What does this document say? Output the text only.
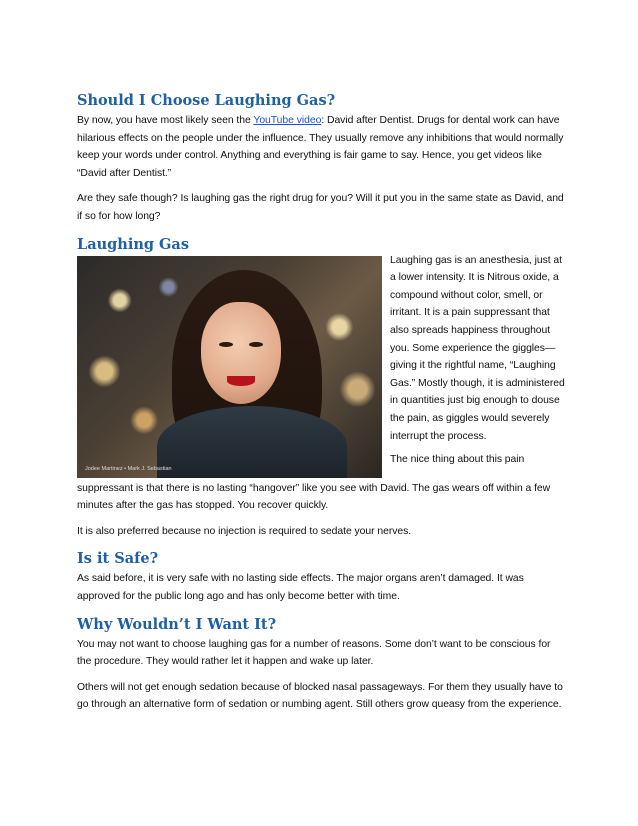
Should I Choose Laughing Gas?

By now, you have most likely seen the YouTube video: David after Dentist. Drugs for dental work can have hilarious effects on the people under the influence. They usually remove any inhibitions that would normally keep your words under control. Anything and everything is fair game to say. Hence, you get videos like “David after Dentist.”

Are they safe though? Is laughing gas the right drug for you? Will it put you in the same state as David, and if so for how long?

Laughing Gas
Jodee Martinez • Mark J. Sebastian

Laughing gas is an anesthesia, just at a lower intensity. It is Nitrous oxide, a compound without color, smell, or irritant. It is a pain suppressant that also spreads happiness throughout you. Some experience the giggles—giving it the rightful name, “Laughing Gas.” Mostly though, it is administered in quantities just big enough to douse the pain, as giggles would severely interrupt the process.

The nice thing about this pain

suppressant is that there is no lasting “hangover” like you see with David. The gas wears off within a few minutes after the gas has stopped. You recover quickly.

It is also preferred because no injection is required to sedate your nerves.

Is it Safe?

As said before, it is very safe with no lasting side effects. The major organs aren’t damaged. It was approved for the public long ago and has only become better with time.

Why Wouldn’t I Want It?

You may not want to choose laughing gas for a number of reasons. Some don’t want to be conscious for the procedure. They would rather let it happen and wake up later.

Others will not get enough sedation because of blocked nasal passageways. For them they usually have to go through an alternative form of sedation or numbing agent. Still others grow queasy from the experience.
